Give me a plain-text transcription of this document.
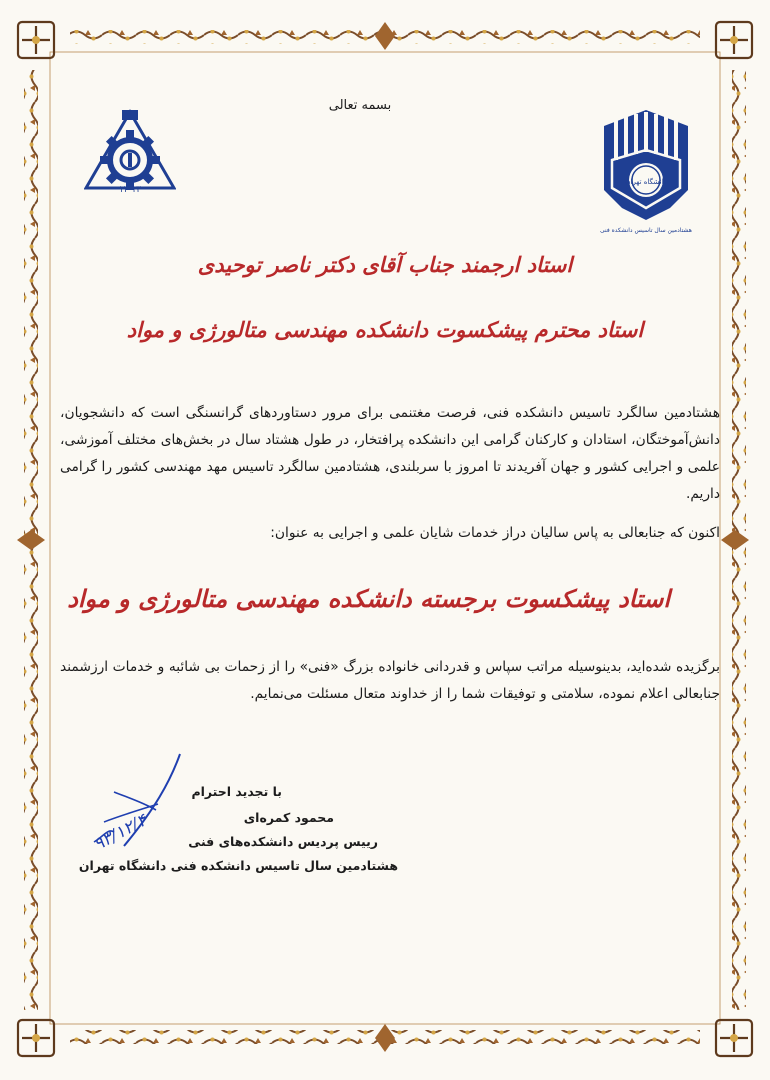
۱۳ ۱۳
دانشگاه تهران
هشتادمین سال تاسیس دانشکده فنی
بسمه تعالی
استاد ارجمند جناب آقای دکتر ناصر توحیدی
استاد محترم پیشکسوت دانشکده مهندسی متالورژی و مواد
هشتادمین سالگرد تاسیس دانشکده فنی، فرصت مغتنمی برای مرور دستاوردهای گرانسنگی است که دانشجویان، دانش‌آموختگان، استادان و کارکنان گرامی این دانشکده پرافتخار، در طول هشتاد سال در بخش‌های مختلف آموزشی، علمی و اجرایی کشور و جهان آفریدند تا امروز با سربلندی، هشتادمین سالگرد تاسیس مهد مهندسی کشور را گرامی داریم.
اکنون که جنابعالی به پاس سالیان دراز خدمات شایان علمی و اجرایی به عنوان:
استاد پیشکسوت برجسته دانشکده مهندسی متالورژی و مواد
برگزیده شده‌اید، بدینوسیله مراتب سپاس و قدردانی خانواده بزرگ «فنی» را از زحمات بی شائبه و خدمات ارزشمند جنابعالی اعلام نموده، سلامتی و توفیقات شما را از خداوند متعال مسئلت می‌نمایم.
با تجدید احترام
محمود کمره‌ای
رییس پردیس دانشکده‌های فنی
هشتادمین سال تاسیس دانشکده فنی دانشگاه تهران
۹۳/۱۲/۴
